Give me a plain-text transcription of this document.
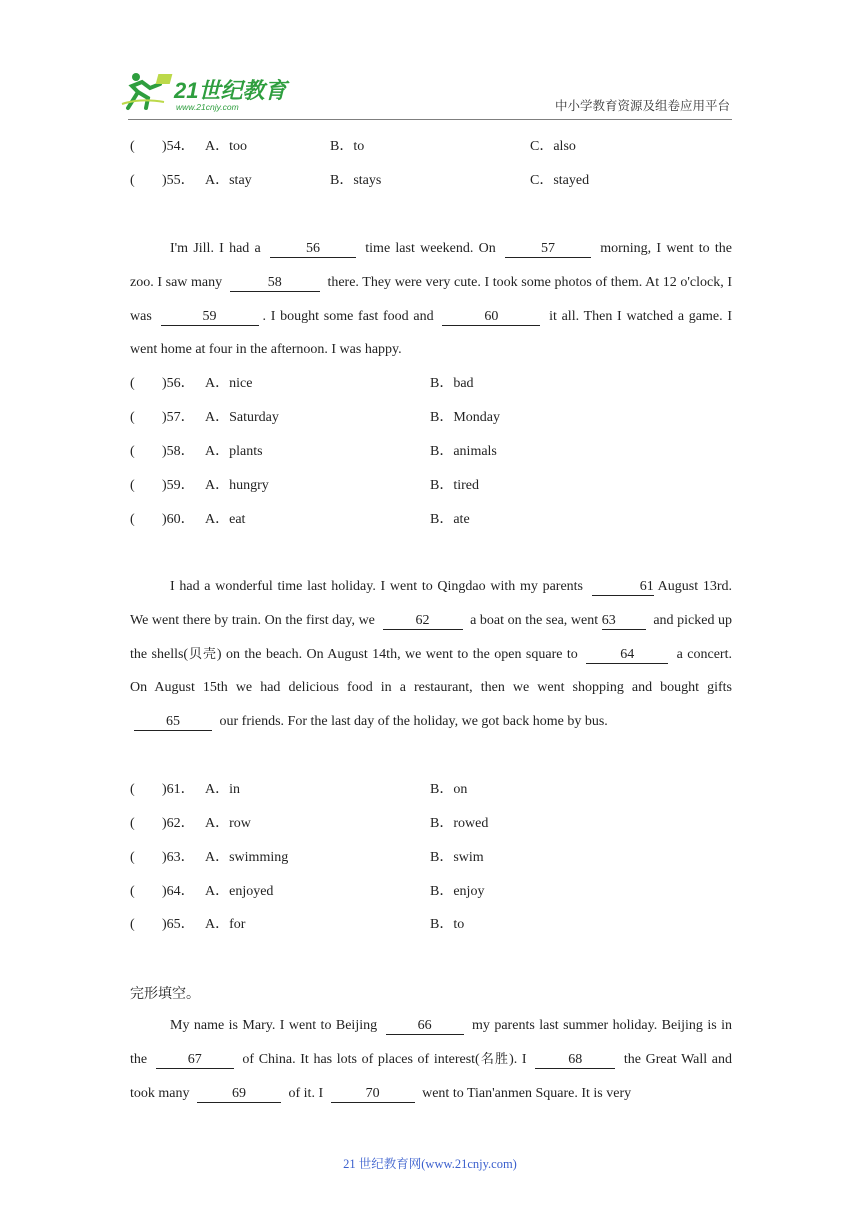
21世纪教育
www.21cnjy.com	中小学教育资源及组卷应用平台
( )54． A．too	B．to	C．also
( )55． A．stay	B．stays	C．stayed

I'm Jill. I had a	56	time last weekend. On	57	morning, I went to the zoo. I saw many	58	there. They were very cute. I took some photos of them. At 12 o'clock, I was	59	. I bought some fast food and	60	it all. Then I watched a game. I went home at four in the afternoon. I was happy.

( )56． A．nice	B．bad
( )57． A．Saturday	B．Monday
( )58． A．plants	B．animals
( )59． A．hungry	B．tired
( )60． A．eat	B．ate

I had a wonderful time last holiday. I went to Qingdao with my parents	61 August 13rd. We went there by train. On the first day, we	62	a boat on the sea, went 63	and picked up the shells(贝壳) on the beach. On August 14th, we went to the open square to	64	a concert. On August 15th we had delicious food in a restaurant, then we went shopping and bought gifts 65	our friends. For the last day of the holiday, we got back home by bus.

( )61． A．in	B．on
( )62． A．row	B．rowed
( )63． A．swimming	B．swim
( )64． A．enjoyed	B．enjoy
( )65． A．for	B．to
完形填空。

My name is Mary. I went to Beijing	66	my parents last summer holiday. Beijing is in the	67	of China. It has lots of places of interest(名胜). I	68	the Great Wall and took many	69	of it. I	70	went to Tian'anmen Square. It is very

21 世纪教育网(www.21cnjy.com)
